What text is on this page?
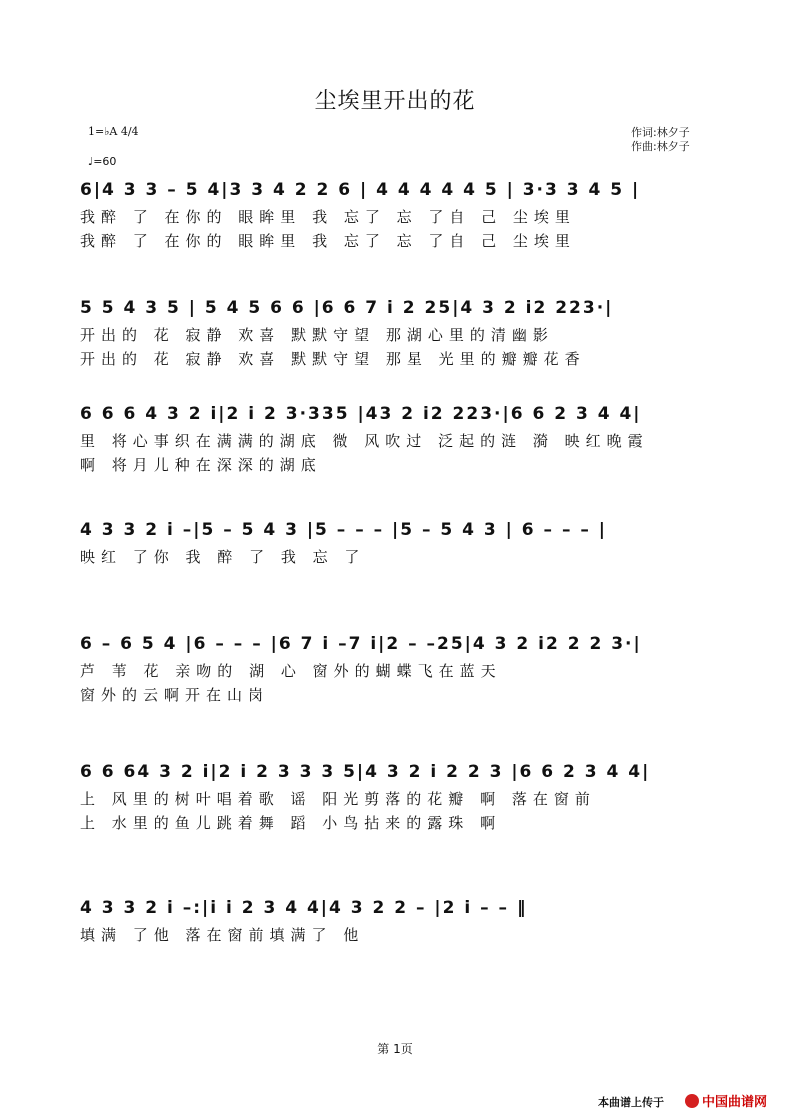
尘埃里开出的花
1=♭A 4/4
♩=60
作词:林夕子
作曲:林夕子
6|4 3 3 – 5 4|3 3 4 2 2 6 | 4 4 4 4 4 5 | 3·3 3 4 5 |
我醉 了 在你的 眼眸里 我 忘了 忘 了自 己 尘埃里
我醉 了 在你的 眼眸里 我 忘了 忘 了自 己 尘埃里
5 5 4 3 5 | 5 4 5 6 6 |6 6 7 i 2 25|4 3 2 i2 223·|
开出的 花 寂静 欢喜 默默守望 那湖心里的清幽影
开出的 花 寂静 欢喜 默默守望 那星 光里的瓣瓣花香
6 6 6 4 3 2 i|2 i 2 3·335 |43 2 i2 223·|6 6 2 3 4 4|
里 将心事织在满满的湖底 微 风吹过 泛起的涟 漪 映红晚霞
啊 将月儿种在深深的湖底
4 3 3 2 i –|5 – 5 4 3 |5 – – – |5 – 5 4 3 | 6 – – – |
映红 了你 我 醉 了 我 忘 了
6 – 6 5 4 |6 – – – |6 7 i –7 i|2 – –25|4 3 2 i2 2 2 3·|
芦 苇 花 亲吻的 湖 心 窗外的蝴蝶飞在蓝天
窗外的云啊开在山岗
6 6 64 3 2 i|2 i 2 3 3 3 5|4 3 2 i 2 2 3 |6 6 2 3 4 4|
上 风里的树叶唱着歌 谣 阳光剪落的花瓣 啊 落在窗前
上 水里的鱼儿跳着舞 蹈 小鸟拈来的露珠 啊
4 3 3 2 i –:|i i 2 3 4 4|4 3 2 2 – |2 i – – ‖
填满 了他 落在窗前填满了 他
第 1页
本曲谱上传于	中国曲谱网
